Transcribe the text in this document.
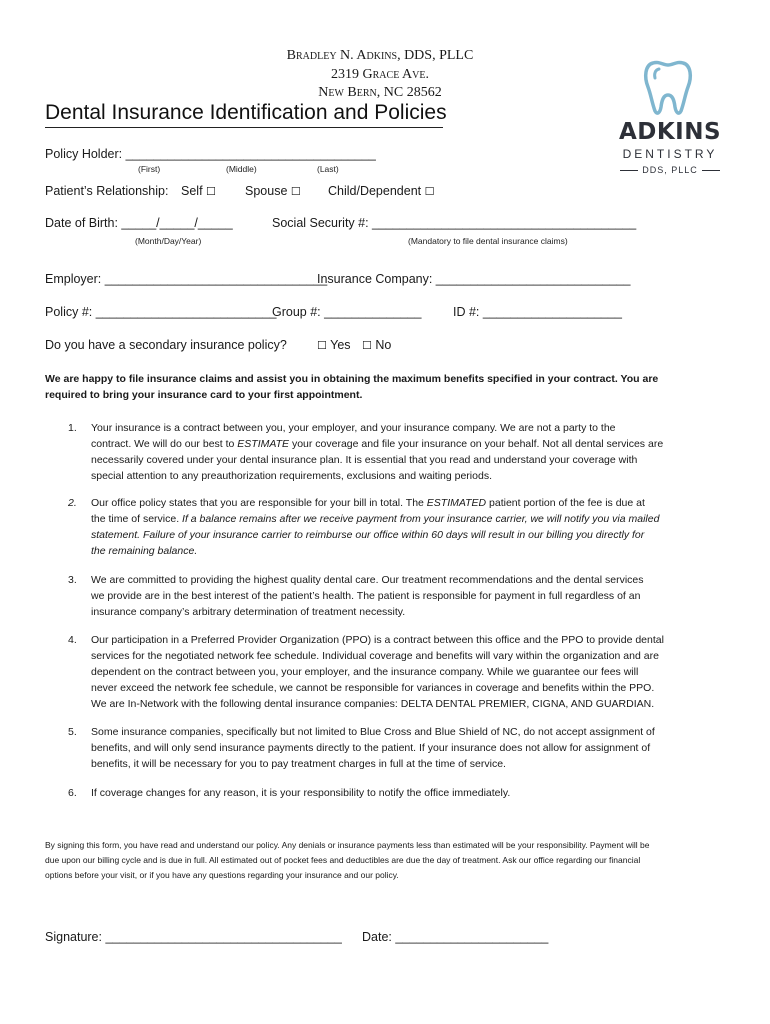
Bradley N. Adkins, DDS, PLLC
2319 Grace Ave.
New Bern, NC 28562
ADKINS
DENTISTRY
DDS, PLLC
Dental Insurance Identification and Policies
Policy Holder: ____________________________________
(First)	(Middle)	(Last)
Patient’s Relationship: Self ☐ Spouse ☐ Child/Dependent ☐
Date of Birth: _____/_____/_____
(Month/Day/Year)
Social Security #: ______________________________________
(Mandatory to file dental insurance claims)
Employer: ________________________________
Insurance Company: ____________________________
Policy #: __________________________
Group #: ______________	ID #: ____________________
Do you have a secondary insurance policy?	☐ Yes ☐ No
We are happy to file insurance claims and assist you in obtaining the maximum benefits specified in your contract. You are
required to bring your insurance card to your first appointment.
1.	Your insurance is a contract between you, your employer, and your insurance company. We are not a party to the
contract. We will do our best to ESTIMATE your coverage and file your insurance on your behalf. Not all dental services are
necessarily covered under your dental insurance plan. It is essential that you read and understand your coverage with
special attention to any preauthorization requirements, exclusions and waiting periods.
2.	Our office policy states that you are responsible for your bill in total. The ESTIMATED patient portion of the fee is due at
the time of service. If a balance remains after we receive payment from your insurance carrier, we will notify you via mailed
statement. Failure of your insurance carrier to reimburse our office within 60 days will result in our billing you directly for
the remaining balance.
3.	We are committed to providing the highest quality dental care. Our treatment recommendations and the dental services
we provide are in the best interest of the patient’s health. The patient is responsible for payment in full regardless of an
insurance company’s arbitrary determination of treatment necessity.
4.	Our participation in a Preferred Provider Organization (PPO) is a contract between this office and the PPO to provide dental
services for the negotiated network fee schedule. Individual coverage and benefits will vary within the organization and are
dependent on the contract between you, your employer, and the insurance company. While we guarantee our fees will
never exceed the network fee schedule, we cannot be responsible for variances in coverage and benefits within the PPO.
We are In-Network with the following dental insurance companies: DELTA DENTAL PREMIER, CIGNA, AND GUARDIAN.
5.	Some insurance companies, specifically but not limited to Blue Cross and Blue Shield of NC, do not accept assignment of
benefits, and will only send insurance payments directly to the patient. If your insurance does not allow for assignment of
benefits, it will be necessary for you to pay treatment charges in full at the time of service.
6.	If coverage changes for any reason, it is your responsibility to notify the office immediately.
By signing this form, you have read and understand our policy. Any denials or insurance payments less than estimated will be your responsibility. Payment will be
due upon our billing cycle and is due in full. All estimated out of pocket fees and deductibles are due the day of treatment. Ask our office regarding our financial
options before your visit, or if you have any questions regarding your insurance and our policy.
Signature: __________________________________ Date: ______________________
